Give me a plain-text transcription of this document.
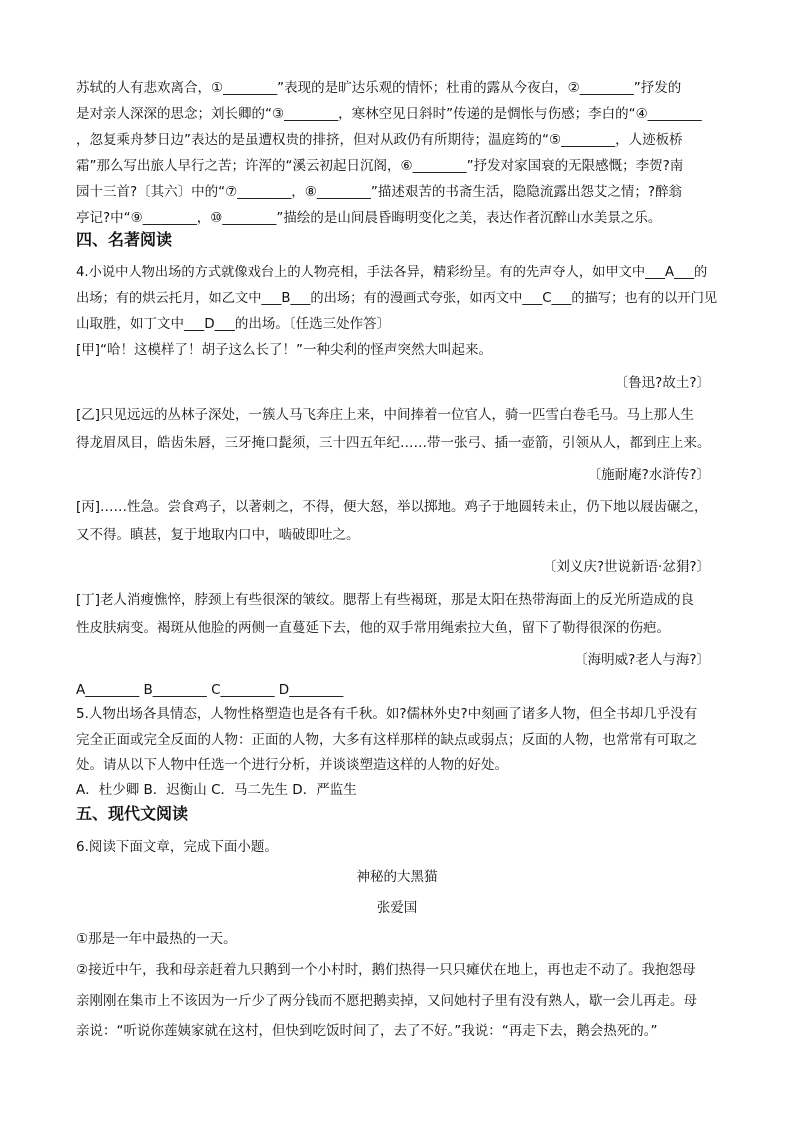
苏轼的人有悲欢离合，①________”表现的是旷达乐观的情怀；杜甫的露从今夜白，②________”抒发的
是对亲人深深的思念；刘长卿的“③________，寒林空见日斜时”传递的是惆怅与伤感；李白的“④________
，忽复乘舟梦日边”表达的是虽遭权贵的排挤，但对从政仍有所期待；温庭筠的“⑤________，人迹板桥
霜”那么写出旅人早行之苦；许浑的“溪云初起日沉阁，⑥________”抒发对家国衰的无限感慨；李贺?南
园十三首?〔其六〕中的“⑦________，⑧________”描述艰苦的书斋生活，隐隐流露出怨艾之情；?醉翁
亭记?中“⑨________，⑩________”描绘的是山间晨昏晦明变化之美，表达作者沉醉山水美景之乐。
四、名著阅读
4.小说中人物出场的方式就像戏台上的人物亮相，手法各异，精彩纷呈。有的先声夺人，如甲文中___A___的
出场；有的烘云托月，如乙文中___B___的出场；有的漫画式夸张，如丙文中___C___的描写；也有的以开门见
山取胜，如丁文中___D___的出场。〔任选三处作答〕
[甲]“哈！这模样了！胡子这么长了！”一种尖利的怪声突然大叫起来。
〔鲁迅?故土?〕
[乙]只见远远的丛林子深处，一簇人马飞奔庄上来，中间捧着一位官人，骑一匹雪白卷毛马。马上那人生
得龙眉凤目，皓齿朱唇，三牙掩口髭须，三十四五年纪……带一张弓、插一壶箭，引领从人，都到庄上来。
〔施耐庵?水浒传?〕
[丙]……性急。尝食鸡子，以著刺之，不得，便大怒，举以掷地。鸡子于地圆转未止，仍下地以屐齿碾之，
又不得。瞋甚，复于地取内口中，啮破即吐之。
〔刘义庆?世说新语·忿狷?〕
[丁]老人消瘦憔悴，脖颈上有些很深的皱纹。腮帮上有些褐斑，那是太阳在热带海面上的反光所造成的良
性皮肤病变。褐斑从他脸的两侧一直蔓延下去，他的双手常用绳索拉大鱼，留下了勒得很深的伤疤。
〔海明威?老人与海?〕
A________ B________ C________ D________
5.人物出场各具情态，人物性格塑造也是各有千秋。如?儒林外史?中刻画了诸多人物，但全书却几乎没有
完全正面或完全反面的人物：正面的人物，大多有这样那样的缺点或弱点；反面的人物，也常常有可取之
处。请从以下人物中任选一个进行分析，并谈谈塑造这样的人物的好处。
A．杜少卿 B．迟衡山 C．马二先生 D．严监生
五、现代文阅读
6.阅读下面文章，完成下面小题。
神秘的大黑猫
张爱国
①那是一年中最热的一天。
②接近中午，我和母亲赶着九只鹅到一个小村时，鹅们热得一只只瘫伏在地上，再也走不动了。我抱怨母
亲刚刚在集市上不该因为一斤少了两分钱而不愿把鹅卖掉，又问她村子里有没有熟人，歇一会儿再走。母
亲说：“听说你莲姨家就在这村，但快到吃饭时间了，去了不好。”我说：“再走下去，鹅会热死的。”
